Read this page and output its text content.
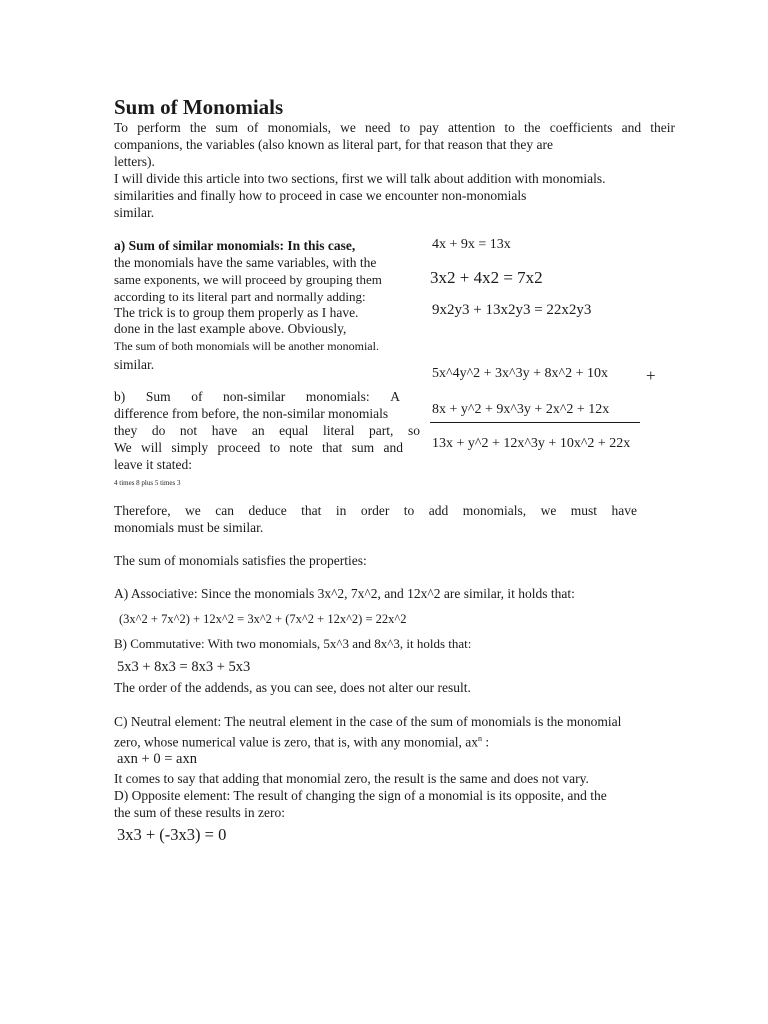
Sum of Monomials
To perform the sum of monomials, we need to pay attention to the coefficients and their
companions, the variables (also known as literal part, for that reason that they are
letters).
I will divide this article into two sections, first we will talk about addition with monomials.
similarities and finally how to proceed in case we encounter non-monomials
similar.
a) Sum of similar monomials: In this case,
the monomials have the same variables, with the
same exponents, we will proceed by grouping them
according to its literal part and normally adding:
The trick is to group them properly as I have.
done in the last example above. Obviously,
The sum of both monomials will be another monomial.
similar.
b) Sum of non-similar monomials: A
difference from before, the non-similar monomials
they do not have an equal literal part, so
We will simply proceed to note that sum and
leave it stated:
4 times 8 plus 5 times 3
4x + 9x = 13x
3x2 + 4x2 = 7x2
9x2y3 + 13x2y3 = 22x2y3
5x^4y^2 + 3x^3y + 8x^2 + 10x +
8x + y^2 + 9x^3y + 2x^2 + 12x
13x + y^2 + 12x^3y + 10x^2 + 22x
Therefore, we can deduce that in order to add monomials, we must have
monomials must be similar.
The sum of monomials satisfies the properties:
A) Associative: Since the monomials 3x^2, 7x^2, and 12x^2 are similar, it holds that:
(3x^2 + 7x^2) + 12x^2 = 3x^2 + (7x^2 + 12x^2) = 22x^2
B) Commutative: With two monomials, 5x^3 and 8x^3, it holds that:
5x3 + 8x3 = 8x3 + 5x3
The order of the addends, as you can see, does not alter our result.
C) Neutral element: The neutral element in the case of the sum of monomials is the monomial
zero, whose numerical value is zero, that is, with any monomial, $ax^n$ :
axn + 0 = axn
It comes to say that adding that monomial zero, the result is the same and does not vary.
D) Opposite element: The result of changing the sign of a monomial is its opposite, and the
the sum of these results in zero:
3x3 + (-3x3) = 0
